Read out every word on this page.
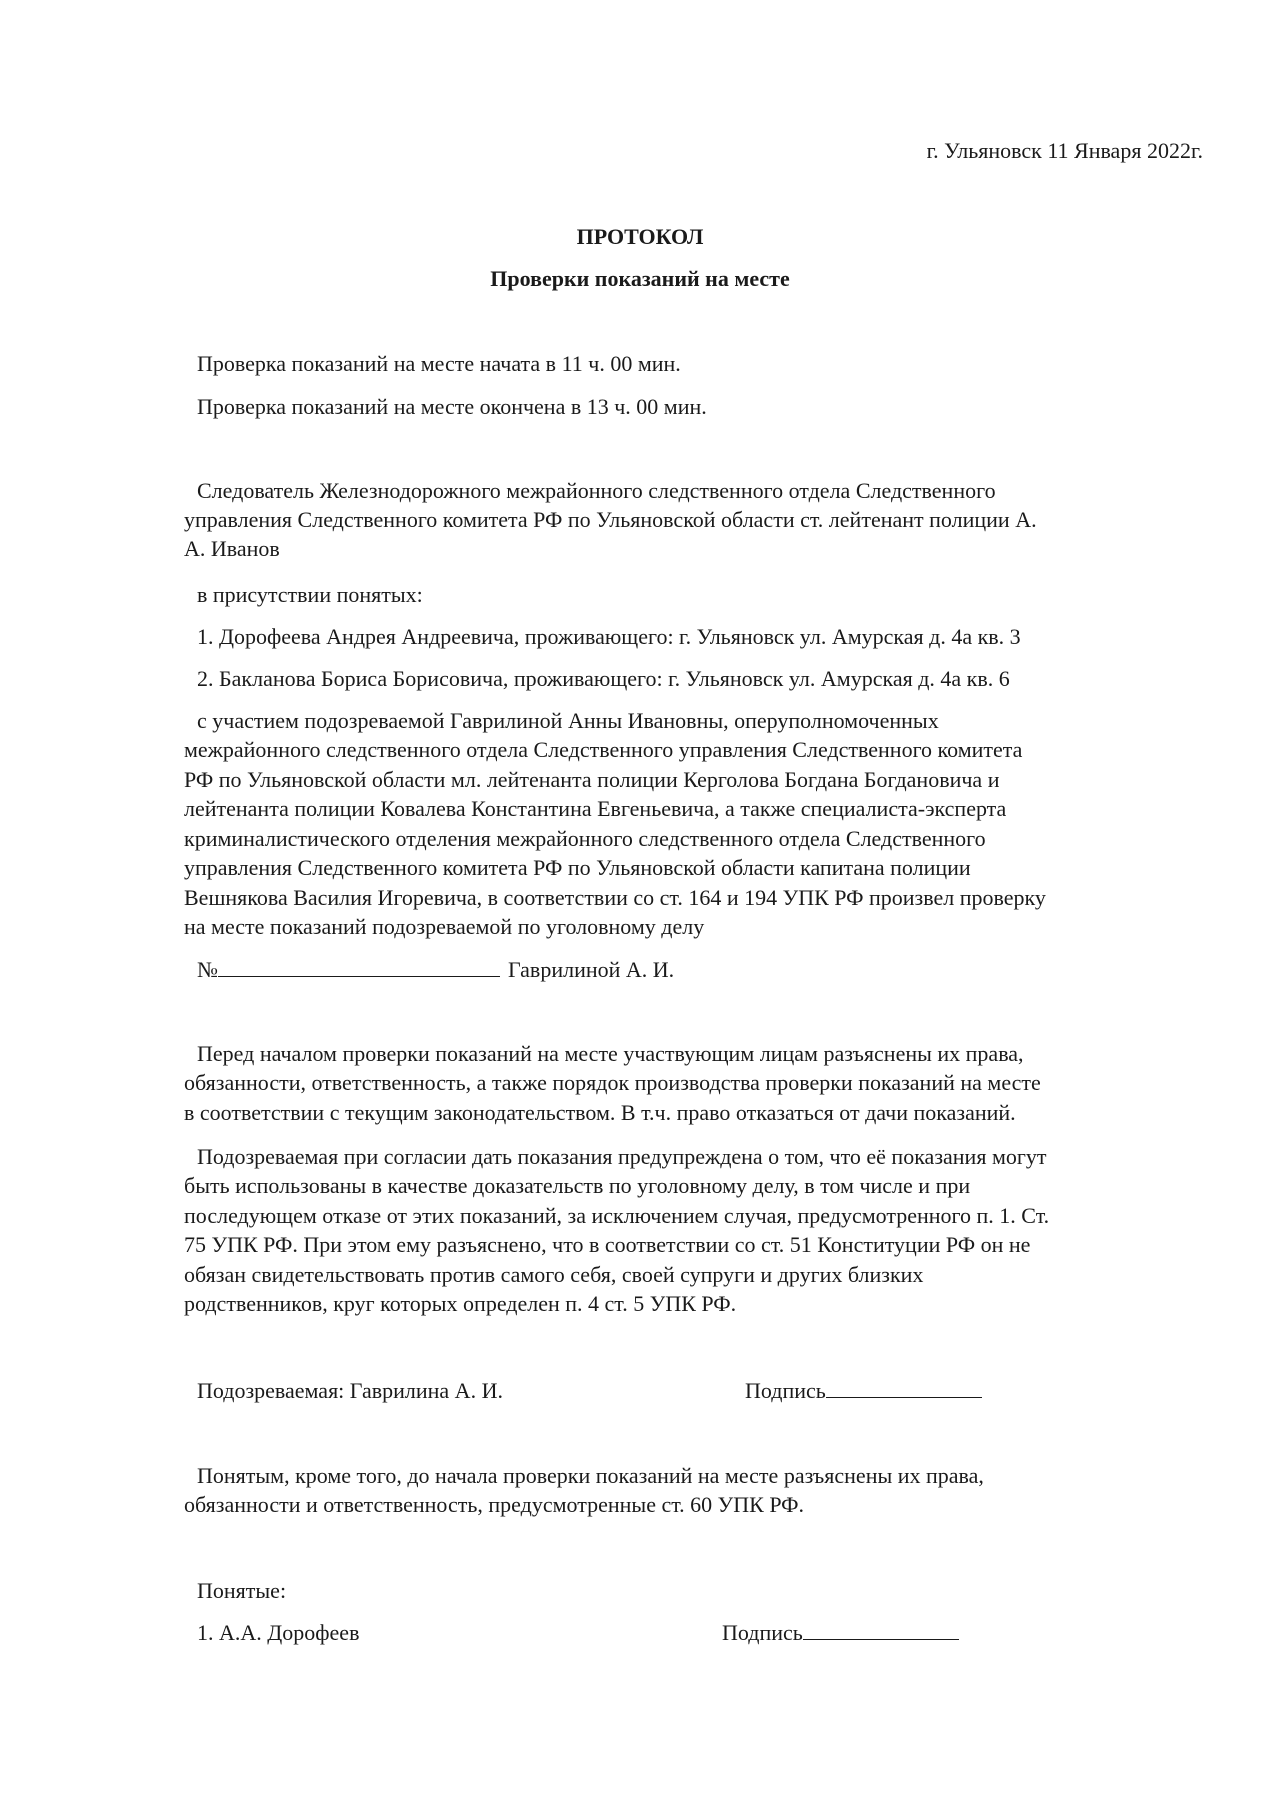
г. Ульяновск 11 Января 2022г.
ПРОТОКОЛ
Проверки показаний на месте
Проверка показаний на месте начата в 11 ч. 00 мин.
Проверка показаний на месте окончена в 13 ч. 00 мин.
Следователь Железнодорожного межрайонного следственного отдела Следственного
управления Следственного комитета РФ по Ульяновской области ст. лейтенант полиции А.
А. Иванов
в присутствии понятых:
1. Дорофеева Андрея Андреевича, проживающего: г. Ульяновск ул. Амурская д. 4а кв. 3
2. Бакланова Бориса Борисовича, проживающего: г. Ульяновск ул. Амурская д. 4а кв. 6
с участием подозреваемой Гаврилиной Анны Ивановны, оперуполномоченных
межрайонного следственного отдела Следственного управления Следственного комитета
РФ по Ульяновской области мл. лейтенанта полиции Керголова Богдана Богдановича и
лейтенанта полиции Ковалева Константина Евгеньевича, а также специалиста-эксперта
криминалистического отделения межрайонного следственного отдела Следственного
управления Следственного комитета РФ по Ульяновской области капитана полиции
Вешнякова Василия Игоревича, в соответствии со ст. 164 и 194 УПК РФ произвел проверку
на месте показаний подозреваемой по уголовному делу
№	Гаврилиной А. И.
Перед началом проверки показаний на месте участвующим лицам разъяснены их права,
обязанности, ответственность, а также порядок производства проверки показаний на месте
в соответствии с текущим законодательством. В т.ч. право отказаться от дачи показаний.
Подозреваемая при согласии дать показания предупреждена о том, что её показания могут
быть использованы в качестве доказательств по уголовному делу, в том числе и при
последующем отказе от этих показаний, за исключением случая, предусмотренного п. 1. Ст.
75 УПК РФ. При этом ему разъяснено, что в соответствии со ст. 51 Конституции РФ он не
обязан свидетельствовать против самого себя, своей супруги и других близких
родственников, круг которых определен п. 4 ст. 5 УПК РФ.
Подозреваемая: Гаврилина А. И.	Подпись
Понятым, кроме того, до начала проверки показаний на месте разъяснены их права,
обязанности и ответственность, предусмотренные ст. 60 УПК РФ.
Понятые:
1. А.А. Дорофеев	Подпись
